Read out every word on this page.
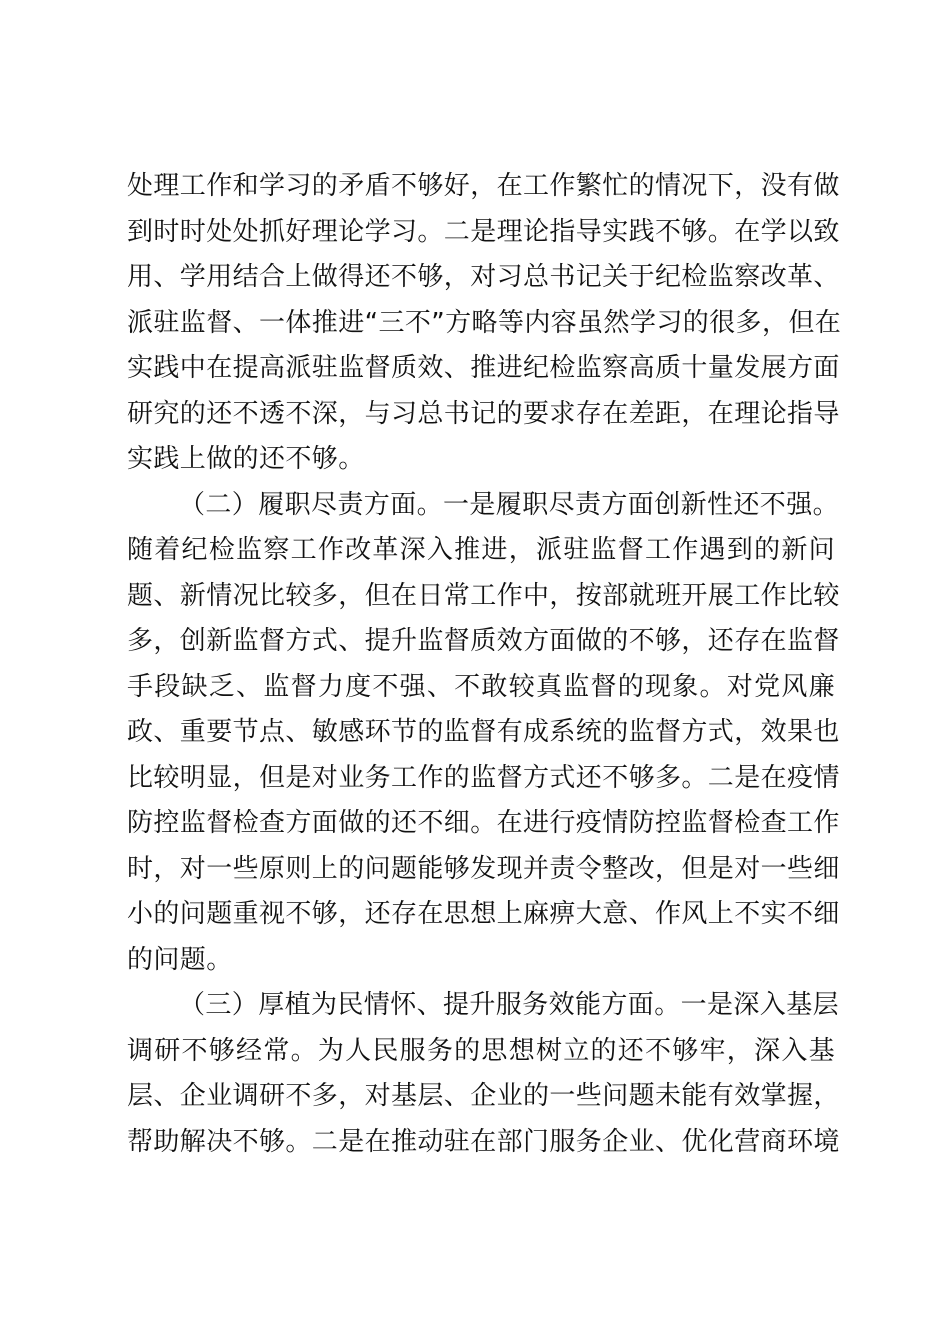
处理工作和学习的矛盾不够好，在工作繁忙的情况下，没有做
到时时处处抓好理论学习。二是理论指导实践不够。在学以致
用、学用结合上做得还不够，对习总书记关于纪检监察改革、
派驻监督、一体推进“三不”方略等内容虽然学习的很多，但在
实践中在提高派驻监督质效、推进纪检监察高质十量发展方面
研究的还不透不深，与习总书记的要求存在差距，在理论指导
实践上做的还不够。
（二）履职尽责方面。一是履职尽责方面创新性还不强。
随着纪检监察工作改革深入推进，派驻监督工作遇到的新问
题、新情况比较多，但在日常工作中，按部就班开展工作比较
多，创新监督方式、提升监督质效方面做的不够，还存在监督
手段缺乏、监督力度不强、不敢较真监督的现象。对党风廉
政、重要节点、敏感环节的监督有成系统的监督方式，效果也
比较明显，但是对业务工作的监督方式还不够多。二是在疫情
防控监督检查方面做的还不细。在进行疫情防控监督检查工作
时，对一些原则上的问题能够发现并责令整改，但是对一些细
小的问题重视不够，还存在思想上麻痹大意、作风上不实不细
的问题。
（三）厚植为民情怀、提升服务效能方面。一是深入基层
调研不够经常。为人民服务的思想树立的还不够牢，深入基
层、企业调研不多，对基层、企业的一些问题未能有效掌握，
帮助解决不够。二是在推动驻在部门服务企业、优化营商环境
